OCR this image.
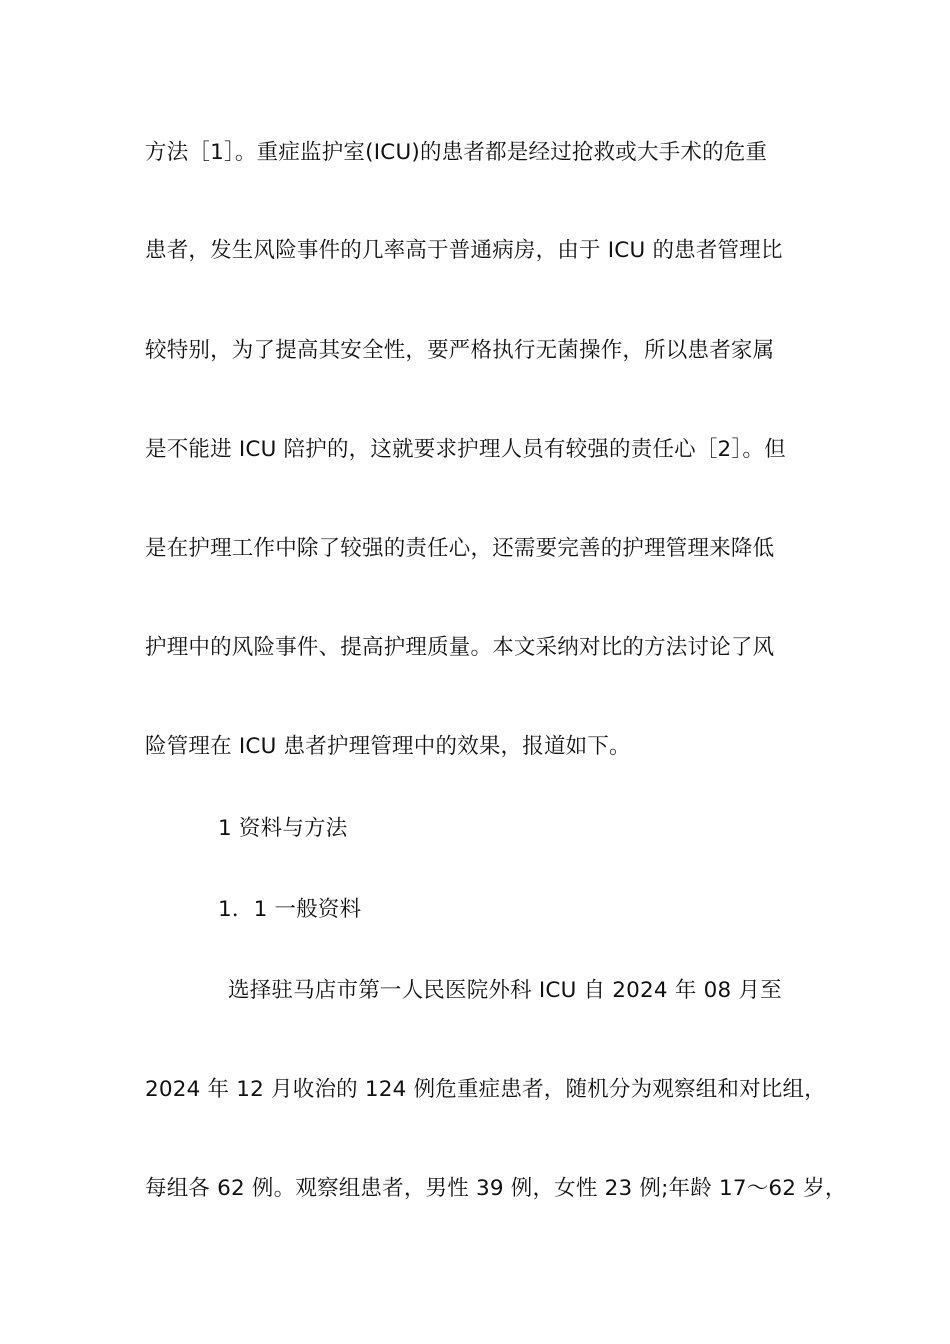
方法［1］。重症监护室(ICU)的患者都是经过抢救或大手术的危重
患者，发生风险事件的几率高于普通病房，由于 ICU 的患者管理比
较特别，为了提高其安全性，要严格执行无菌操作，所以患者家属
是不能进 ICU 陪护的，这就要求护理人员有较强的责任心［2］。但
是在护理工作中除了较强的责任心，还需要完善的护理管理来降低
护理中的风险事件、提高护理质量。本文采纳对比的方法讨论了风
险管理在 ICU 患者护理管理中的效果，报道如下。
1 资料与方法
1．1 一般资料
选择驻马店市第一人民医院外科 ICU 自 2024 年 08 月至
2024 年 12 月收治的 124 例危重症患者，随机分为观察组和对比组，
每组各 62 例。观察组患者，男性 39 例，女性 23 例;年龄 17～62 岁，
